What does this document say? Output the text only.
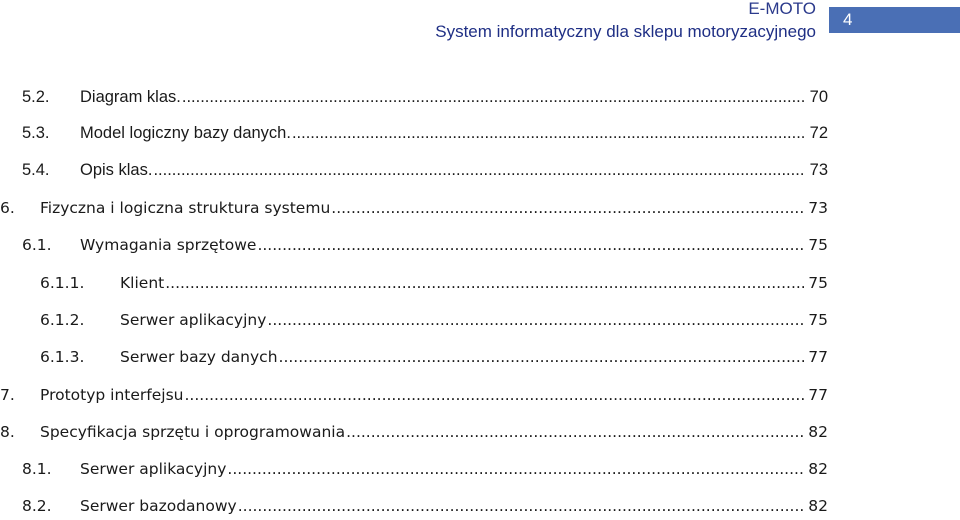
E-MOTO
System informatyczny dla sklepu motoryzacyjnego
4
5.2.	Diagram klas. .....	70
5.3.	Model logiczny bazy danych. .....	72
5.4.	Opis klas. .....	73
6.	Fizyczna i logiczna struktura systemu .....	73
6.1.	Wymagania sprzętowe .....	75
6.1.1.	Klient .....	75
6.1.2.	Serwer aplikacyjny .....	75
6.1.3.	Serwer bazy danych .....	77
7.	Prototyp interfejsu .....	77
8.	Specyfikacja sprzętu i oprogramowania .....	82
8.1.	Serwer aplikacyjny .....	82
8.2.	Serwer bazodanowy .....	82
